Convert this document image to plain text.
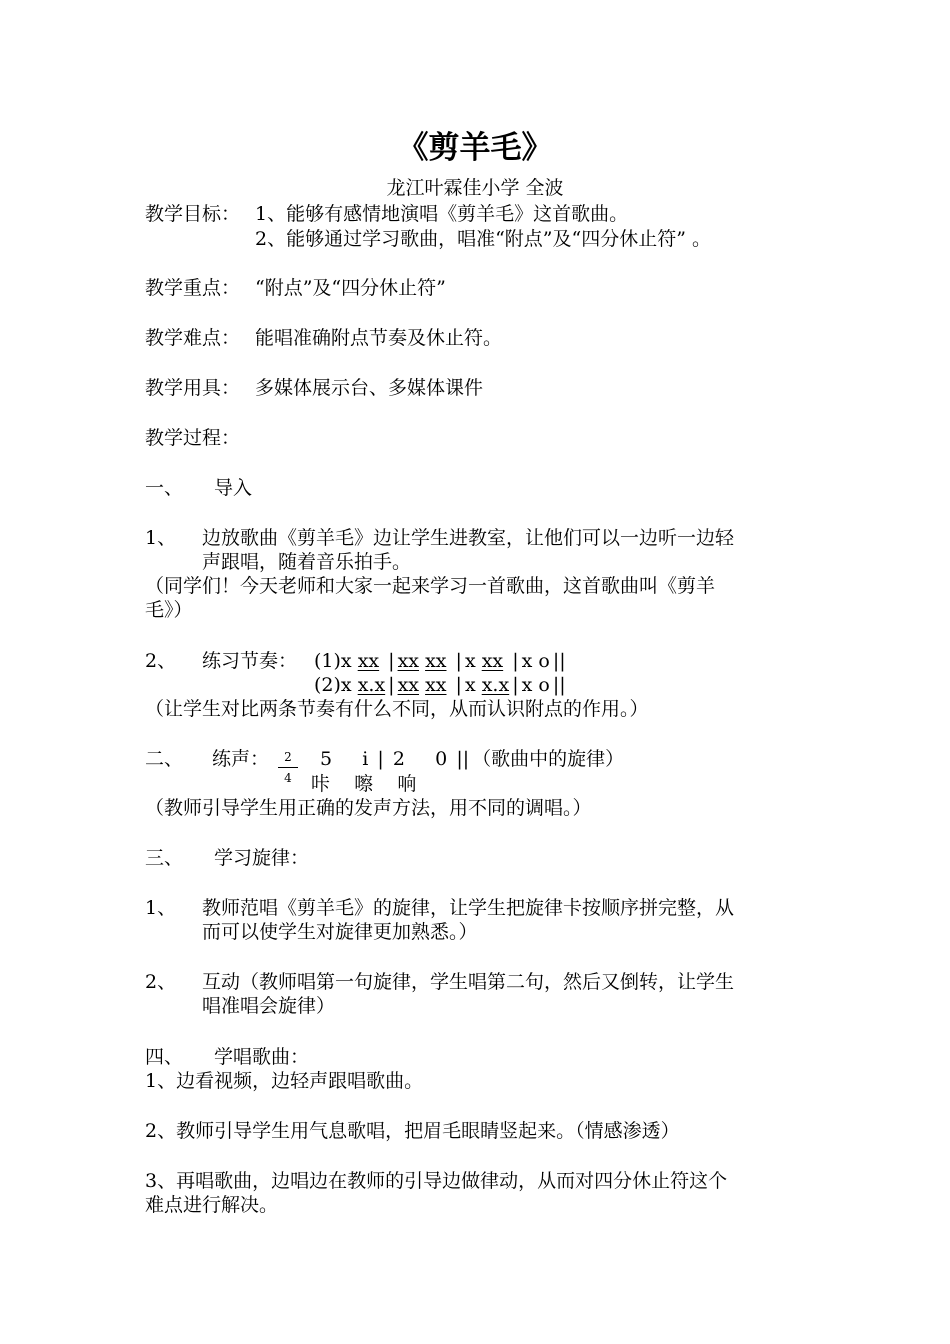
《剪羊毛》
龙江叶霖佳小学 全波
教学目标： 1、能够有感情地演唱《剪羊毛》这首歌曲。
2、能够通过学习歌曲，唱准“附点”及“四分休止符” 。
教学重点： “附点”及“四分休止符”
教学难点： 能唱准确附点节奏及休止符。
教学用具： 多媒体展示台、多媒体课件
教学过程：
一、 导入
1、 边放歌曲《剪羊毛》边让学生进教室，让他们可以一边听一边轻
声跟唱，随着音乐拍手。
（同学们！今天老师和大家一起来学习一首歌曲，这首歌曲叫《剪羊
毛》）
2、 练习节奏： (1)x xx | xx xx | x xx | x o ||
(2)x x.x | xx xx | x x.x | x o ||
（让学生对比两条节奏有什么不同，从而认识附点的作用。）
二、 练声： $\frac{2}{4} 5$ i | 2 0 || （歌曲中的旋律）
咔 嚓 响
（教师引导学生用正确的发声方法，用不同的调唱。）
三、 学习旋律：
1、 教师范唱《剪羊毛》的旋律，让学生把旋律卡按顺序拼完整，从
而可以使学生对旋律更加熟悉。）
2、 互动（教师唱第一句旋律，学生唱第二句，然后又倒转，让学生
唱准唱会旋律）
四、 学唱歌曲：
1、边看视频，边轻声跟唱歌曲。
2、教师引导学生用气息歌唱，把眉毛眼睛竖起来。（情感渗透）
3、再唱歌曲，边唱边在教师的引导边做律动，从而对四分休止符这个
难点进行解决。
